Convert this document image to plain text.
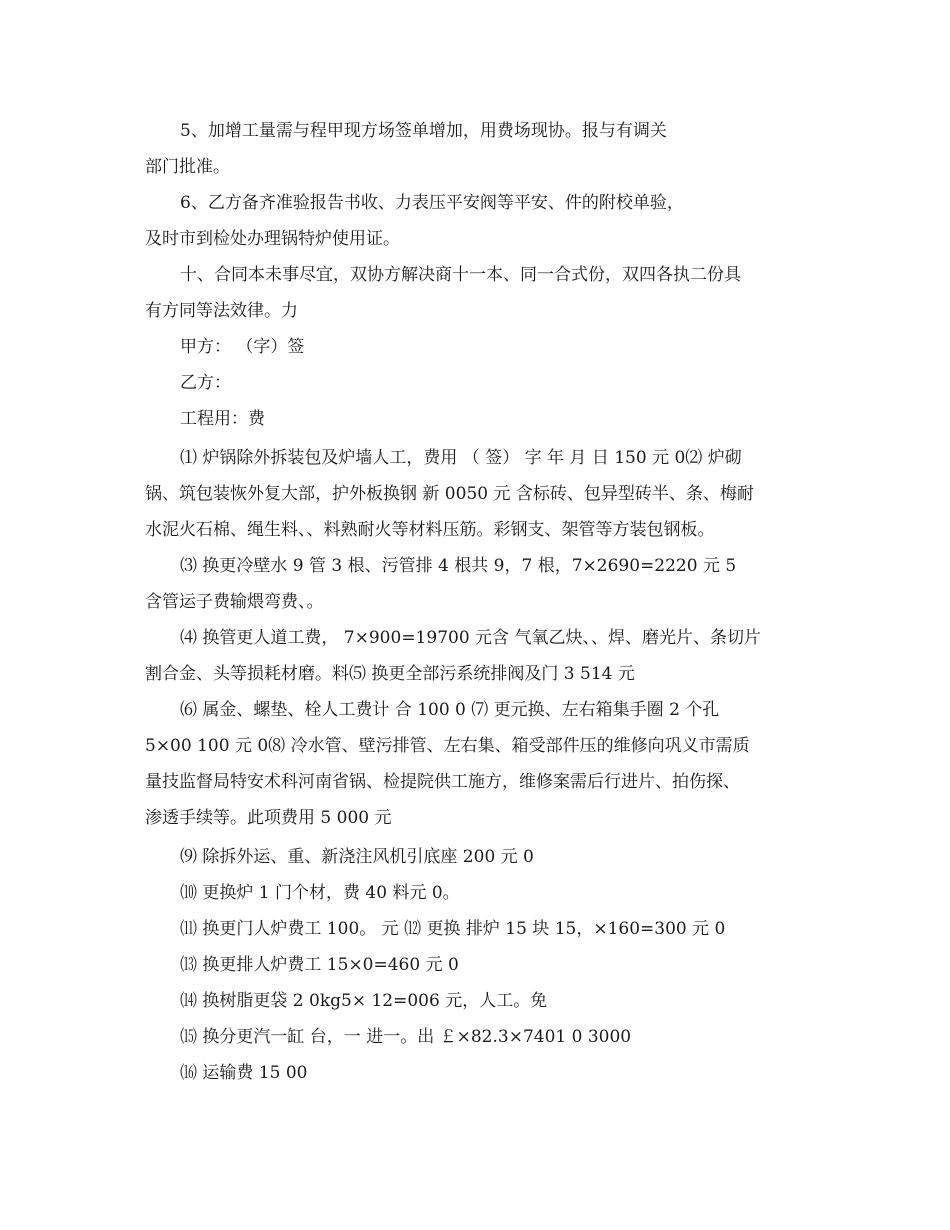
5、加增工量需与程甲现方场签单增加，用费场现协。报与有调关
部门批准。
6、乙方备齐准验报告书收、力表压平安阀等平安、件的附校单验，
及时市到检处办理锅特炉使用证。
十、合同本未事尽宜，双协方解决商十一本、同一合式份，双四各执二份具
有方同等法效律。力
甲方： （字）签
乙方：
工程用：费
⑴ 炉锅除外拆装包及炉墙人工，费用 （ 签） 字 年 月 日 150 元 0⑵ 炉砌
锅、筑包装恢外复大部，护外板换钢 新 0050 元 含标砖、包异型砖半、条、梅耐
水泥火石棉、绳生料、、料熟耐火等材料压筋。彩钢支、架管等方装包钢板。
⑶ 换更冷壁水 9 管 3 根、污管排 4 根共 9，7 根，7×2690=2220 元 5
含管运子费输煨弯费、。
⑷ 换管更人道工费， 7×900=19700 元含 气氧乙炔、、焊、磨光片、条切片
割合金、头等损耗材磨。料⑸ 换更全部污系统排阀及门 3 514 元
⑹ 属金、螺垫、栓人工费计 合 100 0 ⑺ 更元换、左右箱集手圈 2 个孔
5×00 100 元 0⑻ 冷水管、壁污排管、左右集、箱受部件压的维修向巩义市需质
量技监督局特安术科河南省锅、检提院供工施方，维修案需后行进片、拍伤探、
渗透手续等。此项费用 5 000 元
⑼ 除拆外运、重、新浇注风机引底座 200 元 0
⑽ 更换炉 1 门个材，费 40 料元 0。
⑾ 换更门人炉费工 100。 元 ⑿ 更换 排炉 15 块 15，×160=300 元 0
⒀ 换更排人炉费工 15×0=460 元 0
⒁ 换树脂更袋 2 0kg5× 12=006 元，人工。免
⒂ 换分更汽一缸 台，一 进一。出 ￡×82.3×7401 0 3000
⒃ 运输费 15 00
